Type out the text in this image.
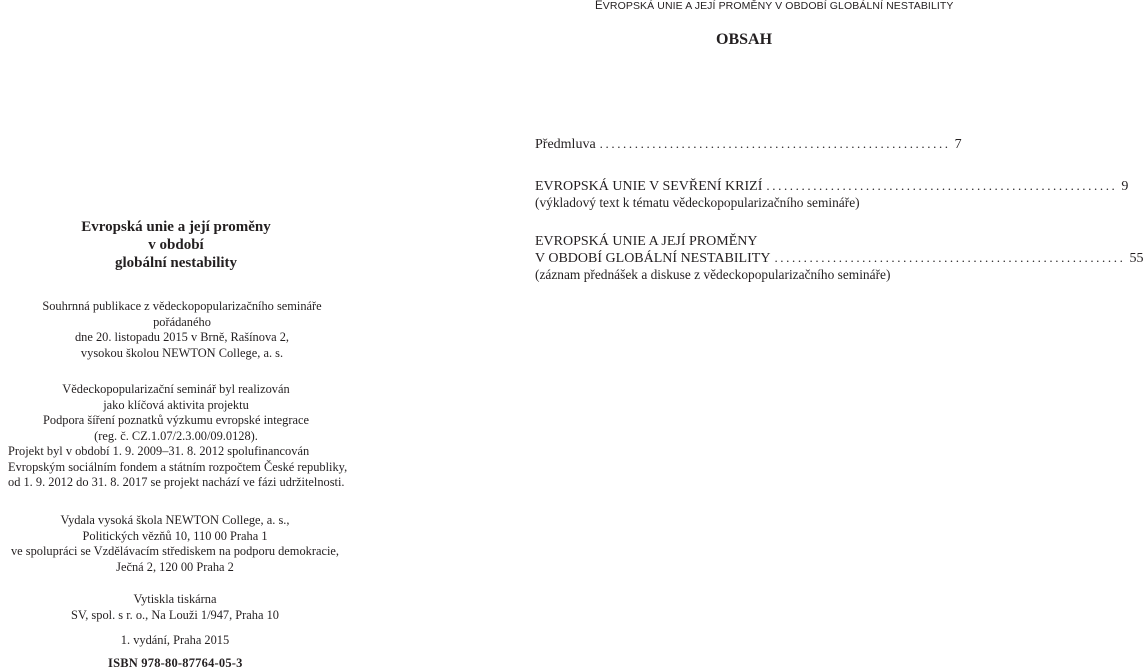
Evropská unie a její proměny
v období
globální nestability
Souhrnná publikace z vědeckopopularizačního semináře
pořádaného
dne 20. listopadu 2015 v Brně, Rašínova 2,
vysokou školou NEWTON College, a. s.
Vědeckopopularizační seminář byl realizován
jako klíčová aktivita projektu
Podpora šíření poznatků výzkumu evropské integrace
(reg. č. CZ.1.07/2.3.00/09.0128).
Projekt byl v období 1. 9. 2009–31. 8. 2012 spolufinancován
Evropským sociálním fondem a státním rozpočtem České republiky,
od 1. 9. 2012 do 31. 8. 2017 se projekt nachází ve fázi udržitelnosti.
Vydala vysoká škola NEWTON College, a. s.,
Politických vězňů 10, 110 00 Praha 1
ve spolupráci se Vzdělávacím střediskem na podporu demokracie,
Ječná 2, 120 00 Praha 2
Vytiskla tiskárna
SV, spol. s r. o., Na Louži 1/947, Praha 10
1. vydání, Praha 2015
ISBN 978-80-87764-05-3
EVROPSKÁ UNIE A JEJÍ PROMĚNY V OBDOBÍ GLOBÁLNÍ NESTABILITY
OBSAH
Předmluva ............................................................ 7
EVROPSKÁ UNIE V SEVŘENÍ KRIZÍ ............................................................ 9
(výkladový text k tématu vědeckopopularizačního semináře)
EVROPSKÁ UNIE A JEJÍ PROMĚNY
V OBDOBÍ GLOBÁLNÍ NESTABILITY ............................................................ 55
(záznam přednášek a diskuse z vědeckopopularizačního semináře)
